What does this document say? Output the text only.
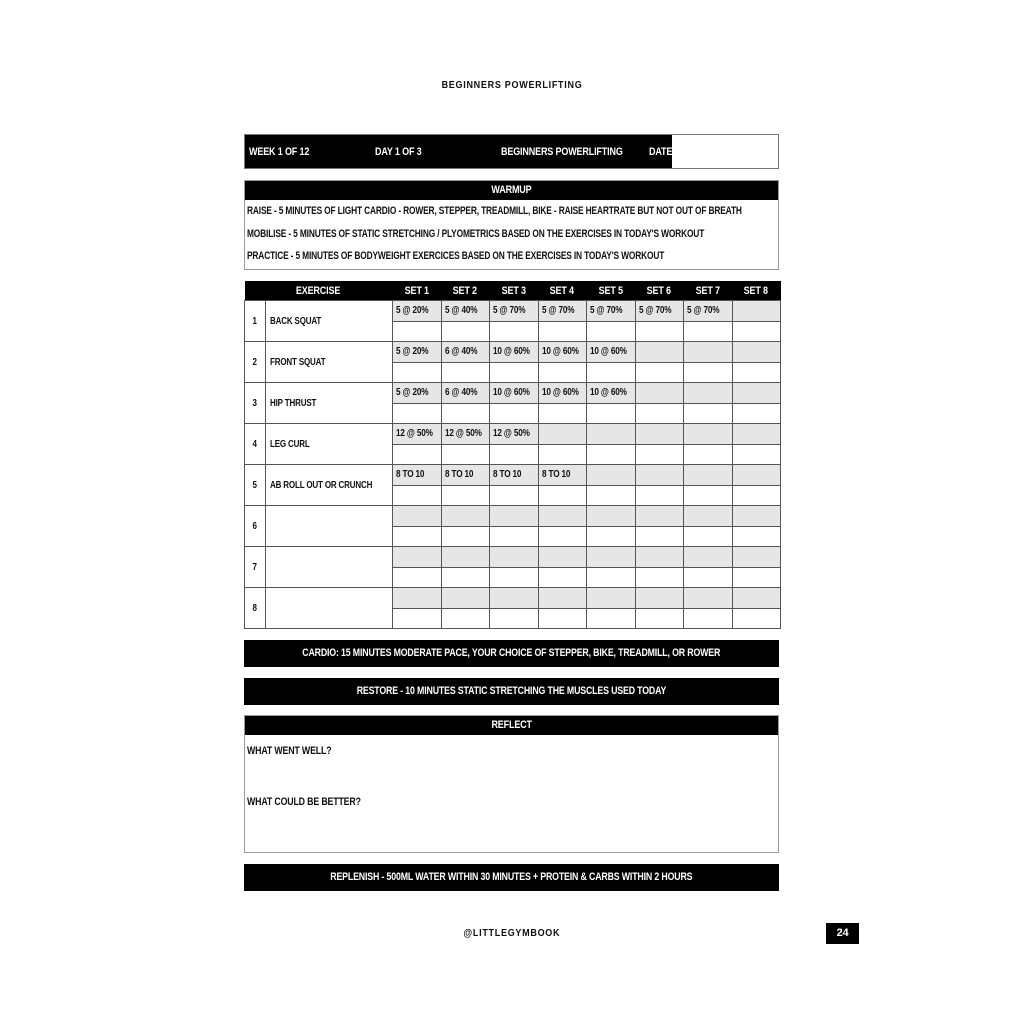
BEGINNERS POWERLIFTING
WEEK 1 OF 12	DAY 1 OF 3	BEGINNERS POWERLIFTING DATE
WARMUP
RAISE - 5 MINUTES OF LIGHT CARDIO - ROWER, STEPPER, TREADMILL, BIKE - RAISE HEARTRATE BUT NOT OUT OF BREATH
MOBILISE - 5 MINUTES OF STATIC STRETCHING / PLYOMETRICS BASED ON THE EXERCISES IN TODAY'S WORKOUT
PRACTICE - 5 MINUTES OF BODYWEIGHT EXERCICES BASED ON THE EXERCISES IN TODAY'S WORKOUT
EXERCISE		SET 1	SET 2	SET 3	SET 4	SET 5	SET 6	SET 7	SET 8
1	BACK SQUAT	5 @ 20%	5 @ 40%	5 @ 70%	5 @ 70%	5 @ 70%	5 @ 70%	5 @ 70%	

2	FRONT SQUAT	5 @ 20%	6 @ 40%	10 @ 60%	10 @ 60%	10 @ 60%			

3	HIP THRUST	5 @ 20%	6 @ 40%	10 @ 60%	10 @ 60%	10 @ 60%			

4	LEG CURL	12 @ 50%	12 @ 50%	12 @ 50%					

5	AB ROLL OUT OR CRUNCH	8 TO 10	8 TO 10	8 TO 10	8 TO 10				

6									

7									

8									

CARDIO: 15 MINUTES MODERATE PACE, YOUR CHOICE OF STEPPER, BIKE, TREADMILL, OR ROWER
RESTORE - 10 MINUTES STATIC STRETCHING THE MUSCLES USED TODAY
REFLECT
WHAT WENT WELL?
WHAT COULD BE BETTER?
REPLENISH - 500ML WATER WITHIN 30 MINUTES + PROTEIN & CARBS WITHIN 2 HOURS
@LITTLEGYMBOOK	24
